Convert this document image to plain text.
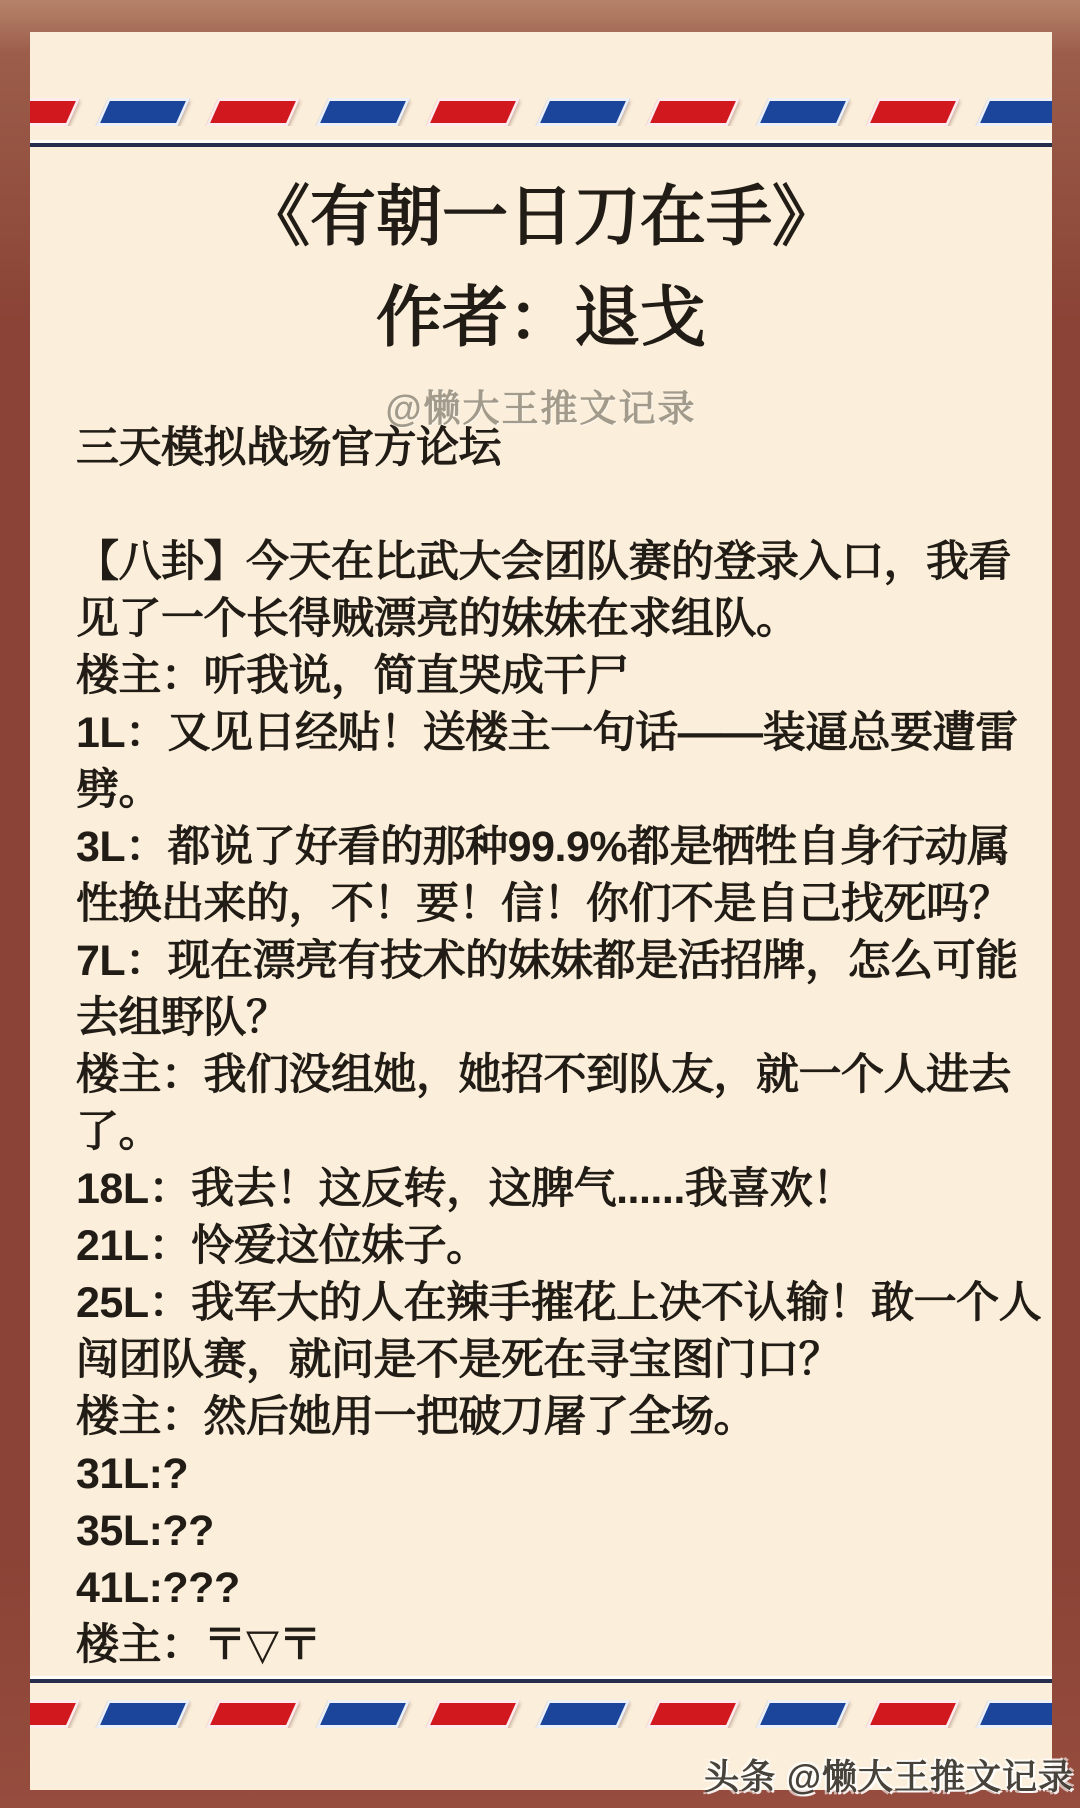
《有朝一日刀在手》
作者：退戈
@懒大王推文记录
三天模拟战场官方论坛
【八卦】今天在比武大会团队赛的登录入口，我看
见了一个长得贼漂亮的妹妹在求组队。
楼主：听我说，简直哭成干尸
1L：又见日经贴！送楼主一句话——装逼总要遭雷
劈。
3L：都说了好看的那种99.9%都是牺牲自身行动属
性换出来的，不！要！信！你们不是自己找死吗？
7L：现在漂亮有技术的妹妹都是活招牌，怎么可能
去组野队？
楼主：我们没组她，她招不到队友，就一个人进去
了。
18L：我去！这反转，这脾气......我喜欢！
21L：怜爱这位妹子。
25L：我军大的人在辣手摧花上决不认输！敢一个人
闯团队赛，就问是不是死在寻宝图门口？
楼主：然后她用一把破刀屠了全场。
31L:?
35L:??
41L:???
楼主：〒▽〒
头条 @懒大王推文记录
